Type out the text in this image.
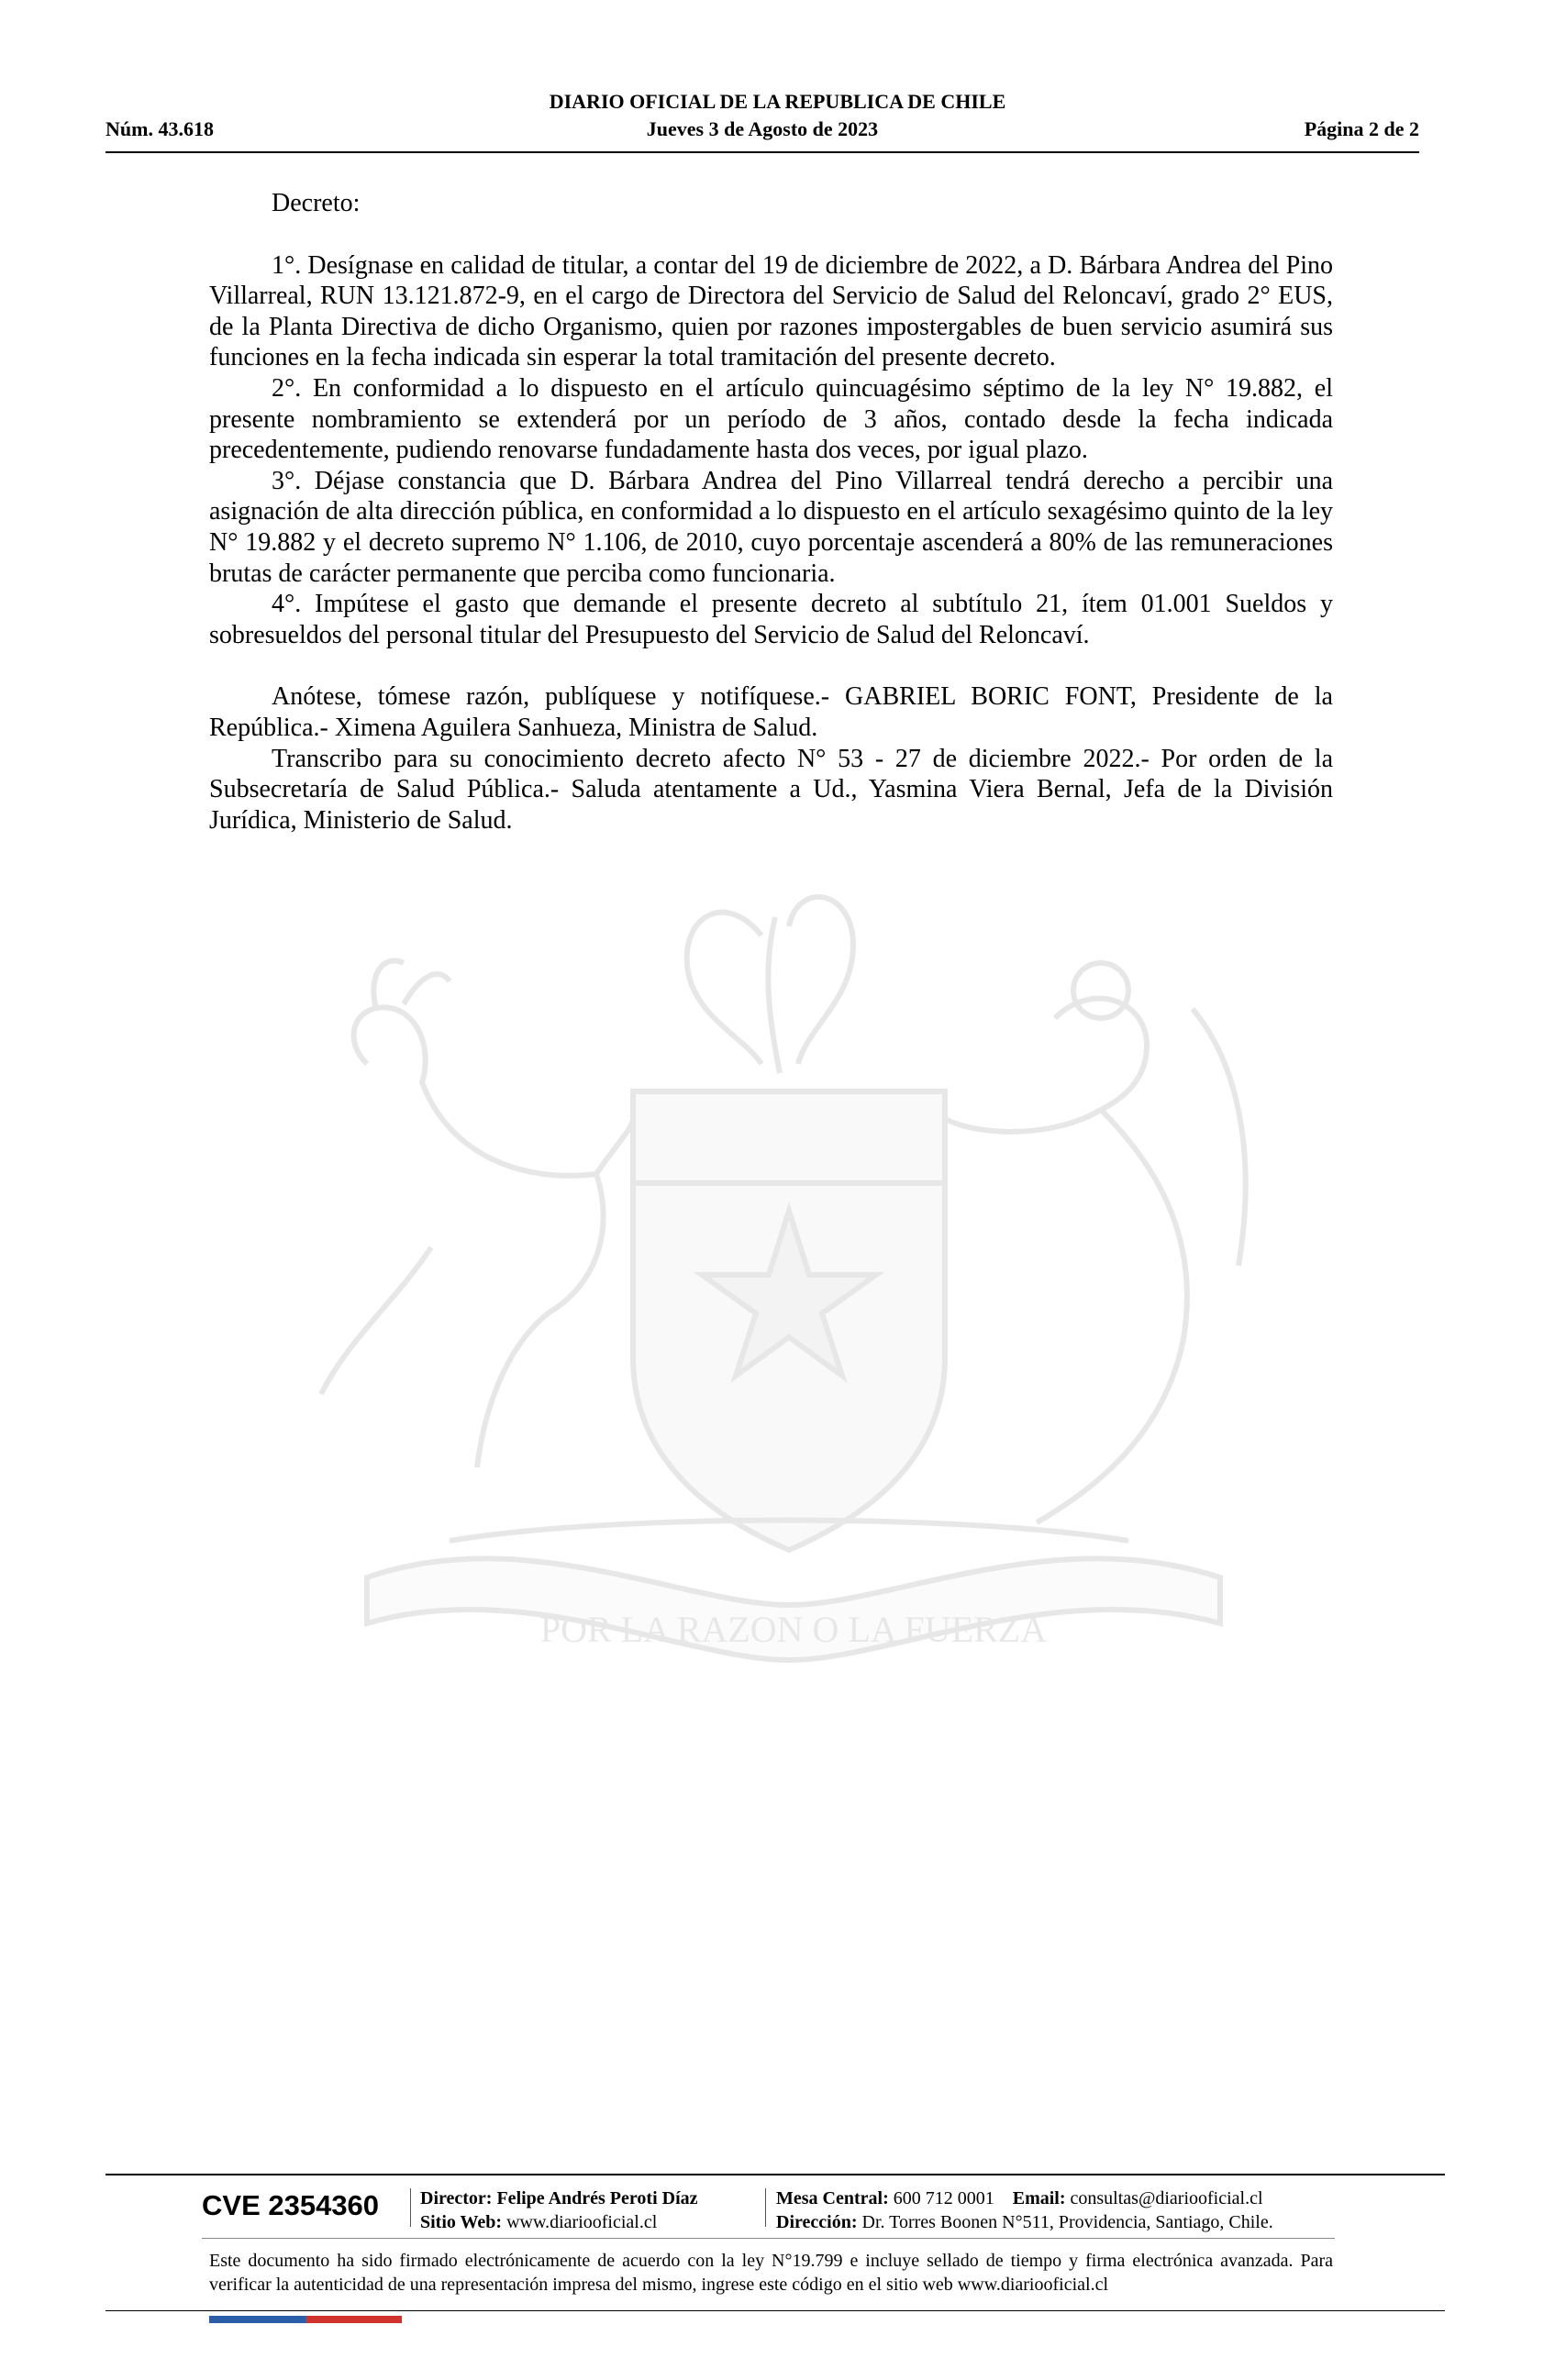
DIARIO OFICIAL DE LA REPUBLICA DE CHILE
Núm. 43.618	Jueves 3 de Agosto de 2023	Página 2 de 2
POR LA RAZON O LA FUERZA

Decreto:

1°. Desígnase en calidad de titular, a contar del 19 de diciembre de 2022, a D. Bárbara Andrea del Pino Villarreal, RUN 13.121.872-9, en el cargo de Directora del Servicio de Salud del Reloncaví, grado 2° EUS, de la Planta Directiva de dicho Organismo, quien por razones impostergables de buen servicio asumirá sus funciones en la fecha indicada sin esperar la total tramitación del presente decreto.

2°. En conformidad a lo dispuesto en el artículo quincuagésimo séptimo de la ley N° 19.882, el presente nombramiento se extenderá por un período de 3 años, contado desde la fecha indicada precedentemente, pudiendo renovarse fundadamente hasta dos veces, por igual plazo.

3°. Déjase constancia que D. Bárbara Andrea del Pino Villarreal tendrá derecho a percibir una asignación de alta dirección pública, en conformidad a lo dispuesto en el artículo sexagésimo quinto de la ley N° 19.882 y el decreto supremo N° 1.106, de 2010, cuyo porcentaje ascenderá a 80% de las remuneraciones brutas de carácter permanente que perciba como funcionaria.

4°. Impútese el gasto que demande el presente decreto al subtítulo 21, ítem 01.001 Sueldos y sobresueldos del personal titular del Presupuesto del Servicio de Salud del Reloncaví.

Anótese, tómese razón, publíquese y notifíquese.- GABRIEL BORIC FONT, Presidente de la República.- Ximena Aguilera Sanhueza, Ministra de Salud.

Transcribo para su conocimiento decreto afecto N° 53 - 27 de diciembre 2022.- Por orden de la Subsecretaría de Salud Pública.- Saluda atentamente a Ud., Yasmina Viera Bernal, Jefa de la División Jurídica, Ministerio de Salud.

CVE 2354360	Director: Felipe Andrés Peroti Díaz
Sitio Web: www.diariooficial.cl
Mesa Central: 600 712 0001 Email: consultas@diariooficial.cl
Dirección: Dr. Torres Boonen N°511, Providencia, Santiago, Chile.
Este documento ha sido firmado electrónicamente de acuerdo con la ley N°19.799 e incluye sellado de tiempo y firma electrónica avanzada. Para verificar la autenticidad de una representación impresa del mismo, ingrese este código en el sitio web www.diariooficial.cl
